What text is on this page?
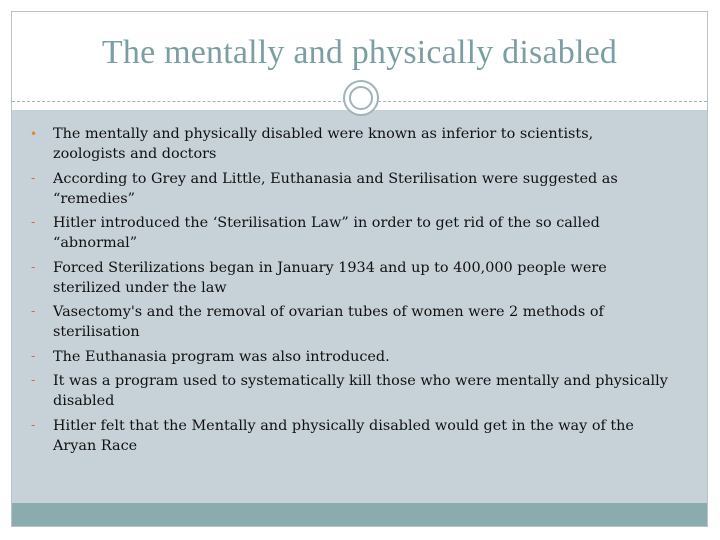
The mentally and physically disabled
• The mentally and physically disabled were known as inferior to scientists, zoologists and doctors
- According to Grey and Little, Euthanasia and Sterilisation were suggested as “remedies”
- Hitler introduced the ‘Sterilisation Law” in order to get rid of the so called “abnormal”
- Forced Sterilizations began in January 1934 and up to 400,000 people were sterilized under the law
- Vasectomy's and the removal of ovarian tubes of women were 2 methods of sterilisation
- The Euthanasia program was also introduced.
- It was a program used to systematically kill those who were mentally and physically disabled
- Hitler felt that the Mentally and physically disabled would get in the way of the Aryan Race
